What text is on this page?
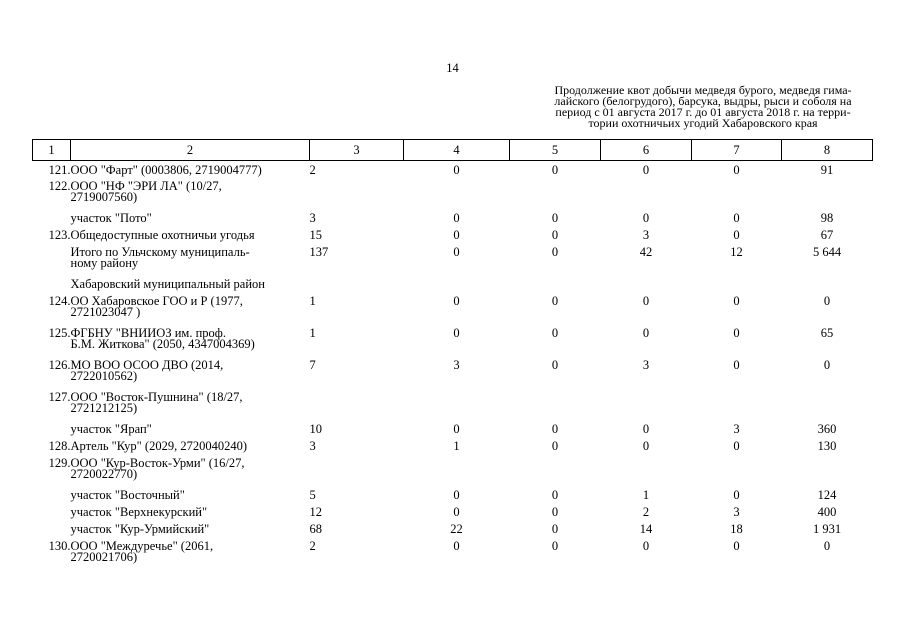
14
Продолжение квот добычи медведя бурого, медведя гима-
лайского (белогрудого), барсука, выдры, рыси и соболя на
период с 01 августа 2017 г. до 01 августа 2018 г. на терри-
тории охотничьих угодий Хабаровского края
1	2	3	4	5	6	7	8
121.	ООО "Фарт" (0003806, 2719004777)	2	0	0	0	0	91
122.	ООО "НФ "ЭРИ ЛА" (10/27,
2719007560)						
	участок "Пото"	3	0	0	0	0	98
123.	Общедоступные охотничьи угодья	15	0	0	3	0	67
	Итого по Ульчскому муниципаль-
ному району	137	0	0	42	12	5 644
	Хабаровский муниципальный район						
124.	ОО Хабаровское ГОО и Р (1977,
2721023047 )	1	0	0	0	0	0
125.	ФГБНУ "ВНИИОЗ им. проф.
Б.М. Житкова" (2050, 4347004369)	1	0	0	0	0	65
126.	МО ВОО ОСОО ДВО (2014,
2722010562)	7	3	0	3	0	0
127.	ООО "Восток-Пушнина" (18/27,
2721212125)						
	участок "Ярап"	10	0	0	0	3	360
128.	Артель "Кур" (2029, 2720040240)	3	1	0	0	0	130
129.	ООО "Кур-Восток-Урми" (16/27,
2720022770)						
	участок "Восточный"	5	0	0	1	0	124
	участок "Верхнекурский"	12	0	0	2	3	400
	участок "Кур-Урмийский"	68	22	0	14	18	1 931
130.	ООО "Междуречье" (2061,
2720021706)	2	0	0	0	0	0
